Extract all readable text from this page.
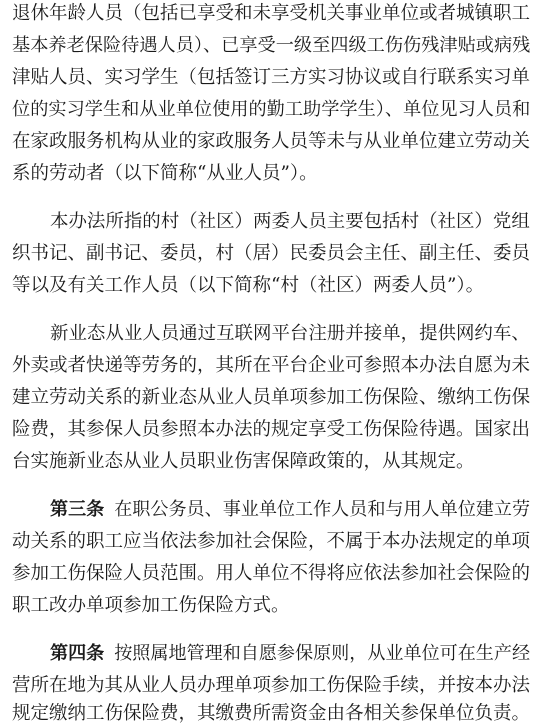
退休年龄人员（包括已享受和未享受机关事业单位或者城镇职工
基本养老保险待遇人员）、已享受一级至四级工伤伤残津贴或病残
津贴人员、实习学生（包括签订三方实习协议或自行联系实习单
位的实习学生和从业单位使用的勤工助学学生）、单位见习人员和
在家政服务机构从业的家政服务人员等未与从业单位建立劳动关
系的劳动者（以下简称“从业人员”）。
本办法所指的村（社区）两委人员主要包括村（社区）党组
织书记、副书记、委员，村（居）民委员会主任、副主任、委员
等以及有关工作人员（以下简称“村（社区）两委人员”）。
新业态从业人员通过互联网平台注册并接单，提供网约车、
外卖或者快递等劳务的，其所在平台企业可参照本办法自愿为未
建立劳动关系的新业态从业人员单项参加工伤保险、缴纳工伤保
险费，其参保人员参照本办法的规定享受工伤保险待遇。国家出
台实施新业态从业人员职业伤害保障政策的，从其规定。
第三条 在职公务员、事业单位工作人员和与用人单位建立劳
动关系的职工应当依法参加社会保险，不属于本办法规定的单项
参加工伤保险人员范围。用人单位不得将应依法参加社会保险的
职工改办单项参加工伤保险方式。
第四条 按照属地管理和自愿参保原则，从业单位可在生产经
营所在地为其从业人员办理单项参加工伤保险手续，并按本办法
规定缴纳工伤保险费，其缴费所需资金由各相关参保单位负责。
